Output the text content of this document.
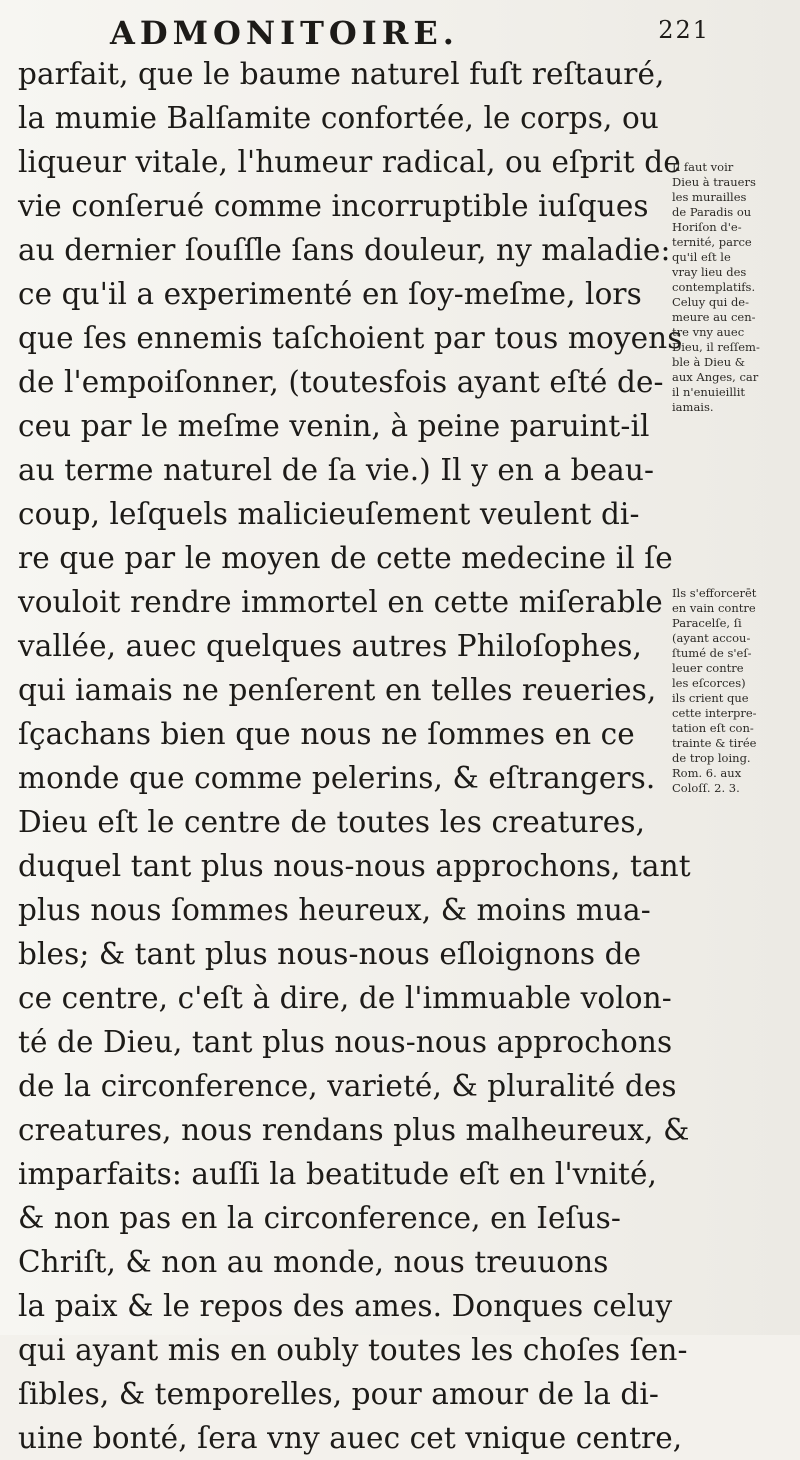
ADMONITOIRE.	221
parfait, que le baume naturel fuſt reſtauré,
la mumie Balſamite confortée, le corps, ou
liqueur vitale, l'humeur radical, ou eſprit de
vie conſerué comme incorruptible iuſques
au dernier ſouſſle ſans douleur, ny maladie:
ce qu'il a experimenté en ſoy-meſme, lors
que ſes ennemis taſchoient par tous moyens
de l'empoiſonner, (toutesfois ayant eſté de-
ceu par le meſme venin, à peine paruint-il
au terme naturel de ſa vie.) Il y en a beau-
coup, leſquels malicieuſement veulent di-
re que par le moyen de cette medecine il ſe
vouloit rendre immortel en cette miſerable
vallée, auec quelques autres Philoſophes,
qui iamais ne penſerent en telles reueries,
ſçachans bien que nous ne ſommes en ce
monde que comme pelerins, & eſtrangers.
Dieu eſt le centre de toutes les creatures,
duquel tant plus nous-nous approchons, tant
plus nous ſommes heureux, & moins mua-
bles; & tant plus nous-nous eſloignons de
ce centre, c'eſt à dire, de l'immuable volon-
té de Dieu, tant plus nous-nous approchons
de la circonference, varieté, & pluralité des
creatures, nous rendans plus malheureux, &
imparfaits: auſſi la beatitude eſt en l'vnité,
& non pas en la circonference, en Ieſus-
Chriſt, & non au monde, nous treuuons
la paix & le repos des ames. Donques celuy
qui ayant mis en oubly toutes les choſes ſen-
ſibles, & temporelles, pour amour de la di-
uine bonté, ſera vny auec cet vnique centre,
Il faut voir
Dieu à trauers
les murailles
de Paradis ou
Horiſon d'e-
ternité, parce
qu'il eſt le
vray lieu des
contemplatifs.
Celuy qui de-
meure au cen-
tre vny auec
Dieu, il reſſem-
ble à Dieu &
aux Anges, car
il n'enuieillit
iamais.
Ils s'efforcerēt
en vain contre
Paracelſe, ſi
(ayant accou-
ſtumé de s'eſ-
leuer contre
les eſcorces)
ils crient que
cette interpre-
tation eſt con-
trainte & tirée
de trop loing.
Rom. 6. aux
Coloſſ. 2. 3.
